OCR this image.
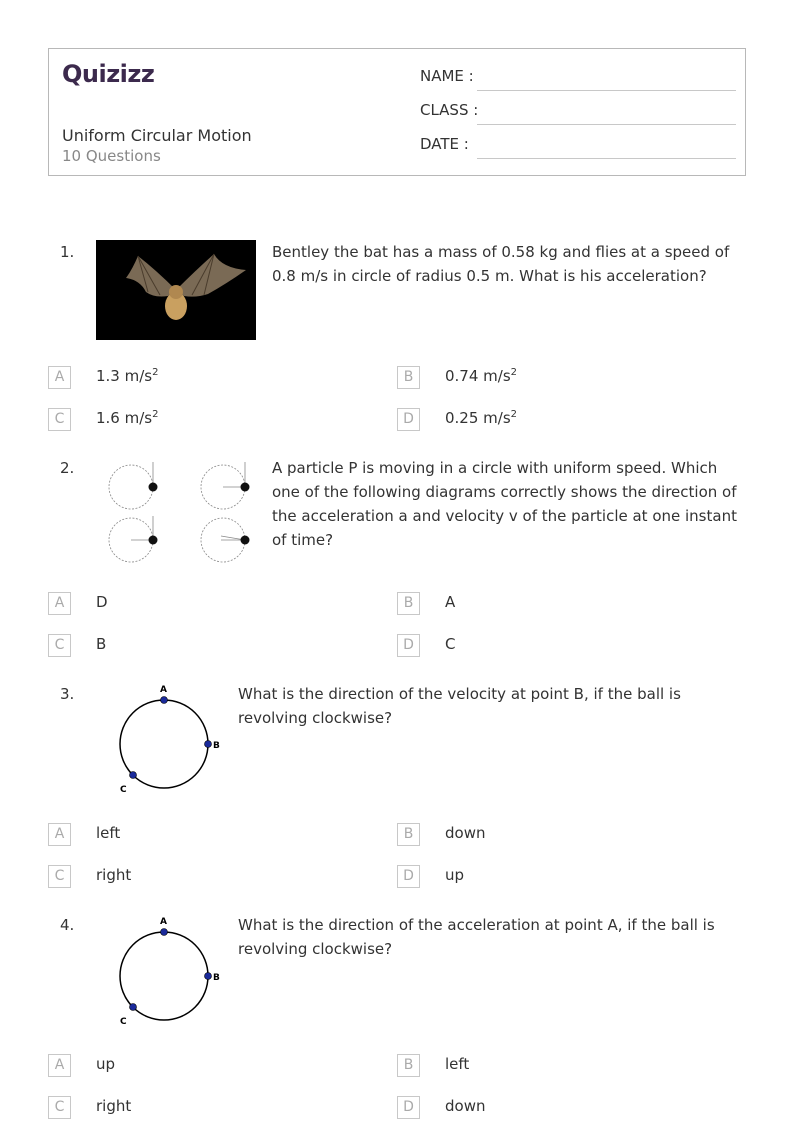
Quizizz
Uniform Circular Motion
10 Questions
NAME :
CLASS :
DATE :
1.	Bentley the bat has a mass of 0.58 kg and flies at a speed of 0.8 m/s in circle of radius 0.5 m. What is his acceleration?
A	1.3 $m/s^2$	B	0.74 $m/s^2$
C	1.6 $m/s^2$	D	0.25 $m/s^2$
2.	A particle P is moving in a circle with uniform speed. Which one of the following diagrams correctly shows the direction of the acceleration a and velocity v of the particle at one instant of time?
A	D	B	A
C	B	D	C
3.	A
B
C
What is the direction of the velocity at point B, if the ball is revolving clockwise?
A	left	B	down
C	right	D	up
4.	A
B
C
What is the direction of the acceleration at point A, if the ball is revolving clockwise?
A	up	B	left
C	right	D	down
